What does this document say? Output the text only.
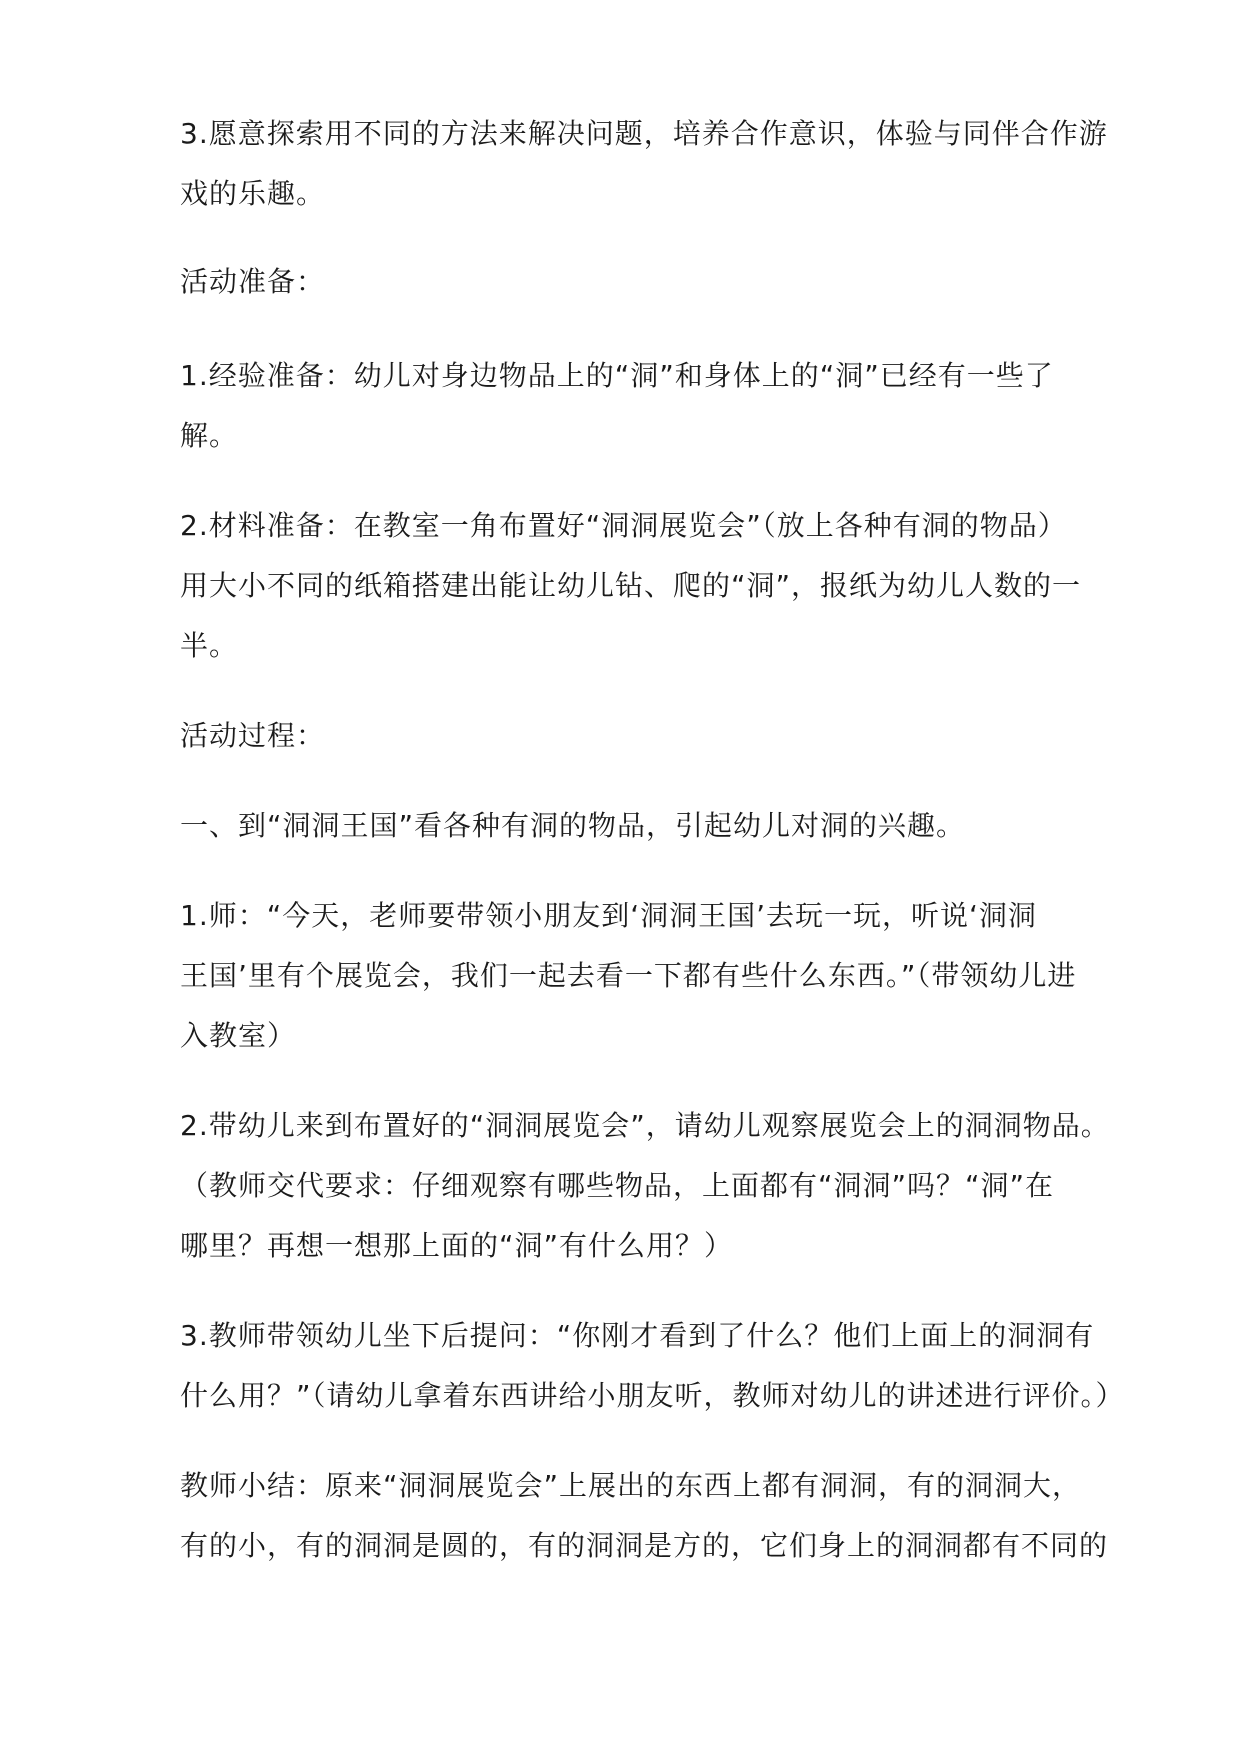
3.愿意探索用不同的方法来解决问题，培养合作意识，体验与同伴合作游
戏的乐趣。
活动准备：
1.经验准备：幼儿对身边物品上的“洞”和身体上的“洞”已经有一些了
解。
2.材料准备：在教室一角布置好“洞洞展览会”（放上各种有洞的物品）
用大小不同的纸箱搭建出能让幼儿钻、爬的“洞”，报纸为幼儿人数的一
半。
活动过程：
一、到“洞洞王国”看各种有洞的物品，引起幼儿对洞的兴趣。
1.师：“今天，老师要带领小朋友到‘洞洞王国’去玩一玩，听说‘洞洞
王国’里有个展览会，我们一起去看一下都有些什么东西。”（带领幼儿进
入教室）
2.带幼儿来到布置好的“洞洞展览会”，请幼儿观察展览会上的洞洞物品。
（教师交代要求：仔细观察有哪些物品，上面都有“洞洞”吗？“洞”在
哪里？再想一想那上面的“洞”有什么用？）
3.教师带领幼儿坐下后提问：“你刚才看到了什么？他们上面上的洞洞有
什么用？”（请幼儿拿着东西讲给小朋友听，教师对幼儿的讲述进行评价。）
教师小结：原来“洞洞展览会”上展出的东西上都有洞洞，有的洞洞大，
有的小，有的洞洞是圆的，有的洞洞是方的，它们身上的洞洞都有不同的
